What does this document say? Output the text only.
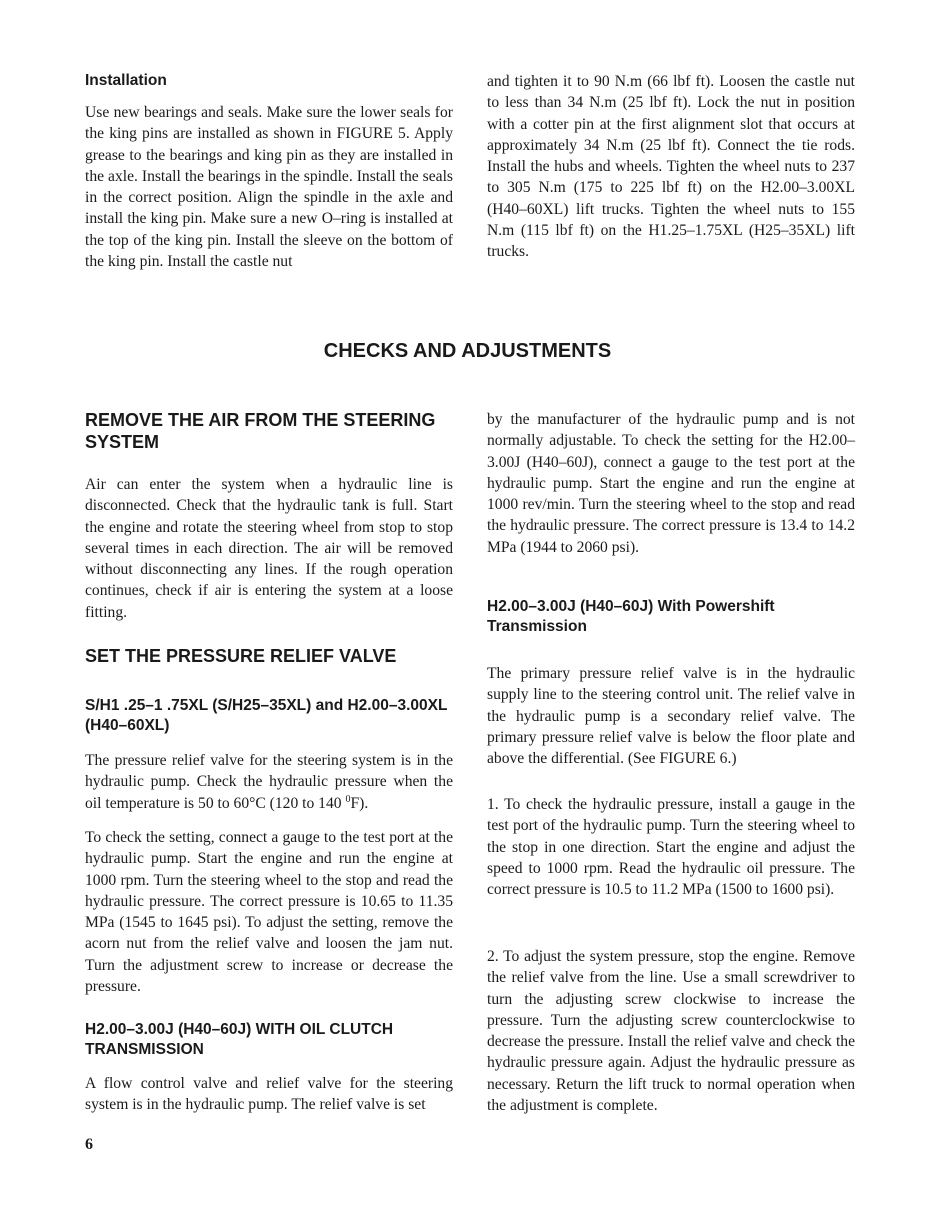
Installation

Use new bearings and seals. Make sure the lower seals for the king pins are installed as shown in FIGURE 5. Apply grease to the bearings and king pin as they are installed in the axle. Install the bearings in the spindle. Install the seals in the correct position. Align the spindle in the axle and install the king pin. Make sure a new O–ring is installed at the top of the king pin. Install the sleeve on the bottom of the king pin. Install the castle nut

REMOVE THE AIR FROM THE STEERING SYSTEM

Air can enter the system when a hydraulic line is disconnected. Check that the hydraulic tank is full. Start the engine and rotate the steering wheel from stop to stop several times in each direction. The air will be removed without disconnecting any lines. If the rough operation continues, check if air is entering the system at a loose fitting.

SET THE PRESSURE RELIEF VALVE
S/H1 .25–1 .75XL (S/H25–35XL) and H2.00–3.00XL (H40–60XL)

The pressure relief valve for the steering system is in the hydraulic pump. Check the hydraulic pressure when the oil temperature is 50 to 60°C (120 to 140 $^0$F).

To check the setting, connect a gauge to the test port at the hydraulic pump. Start the engine and run the engine at 1000 rpm. Turn the steering wheel to the stop and read the hydraulic pressure. The correct pressure is 10.65 to 11.35 MPa (1545 to 1645 psi). To adjust the setting, remove the acorn nut from the relief valve and loosen the jam nut. Turn the adjustment screw to increase or decrease the pressure.

H2.00–3.00J (H40–60J) WITH OIL CLUTCH TRANSMISSION

A flow control valve and relief valve for the steering system is in the hydraulic pump. The relief valve is set

and tighten it to 90 N.m (66 lbf ft). Loosen the castle nut to less than 34 N.m (25 lbf ft). Lock the nut in position with a cotter pin at the first alignment slot that occurs at approximately 34 N.m (25 lbf ft). Connect the tie rods. Install the hubs and wheels. Tighten the wheel nuts to 237 to 305 N.m (175 to 225 lbf ft) on the H2.00–3.00XL (H40–60XL) lift trucks. Tighten the wheel nuts to 155 N.m (115 lbf ft) on the H1.25–1.75XL (H25–35XL) lift trucks.

by the manufacturer of the hydraulic pump and is not normally adjustable. To check the setting for the H2.00–3.00J (H40–60J), connect a gauge to the test port at the hydraulic pump. Start the engine and run the engine at 1000 rev/min. Turn the steering wheel to the stop and read the hydraulic pressure. The correct pressure is 13.4 to 14.2 MPa (1944 to 2060 psi).

H2.00–3.00J (H40–60J) With Powershift Transmission

The primary pressure relief valve is in the hydraulic supply line to the steering control unit. The relief valve in the hydraulic pump is a secondary relief valve. The primary pressure relief valve is below the floor plate and above the differential. (See FIGURE 6.)

1. To check the hydraulic pressure, install a gauge in the test port of the hydraulic pump. Turn the steering wheel to the stop in one direction. Start the engine and adjust the speed to 1000 rpm. Read the hydraulic oil pressure. The correct pressure is 10.5 to 11.2 MPa (1500 to 1600 psi).

2. To adjust the system pressure, stop the engine. Remove the relief valve from the line. Use a small screwdriver to turn the adjusting screw clockwise to increase the pressure. Turn the adjusting screw counterclockwise to decrease the pressure. Install the relief valve and check the hydraulic pressure again. Adjust the hydraulic pressure as necessary. Return the lift truck to normal operation when the adjustment is complete.

CHECKS AND ADJUSTMENTS

6
